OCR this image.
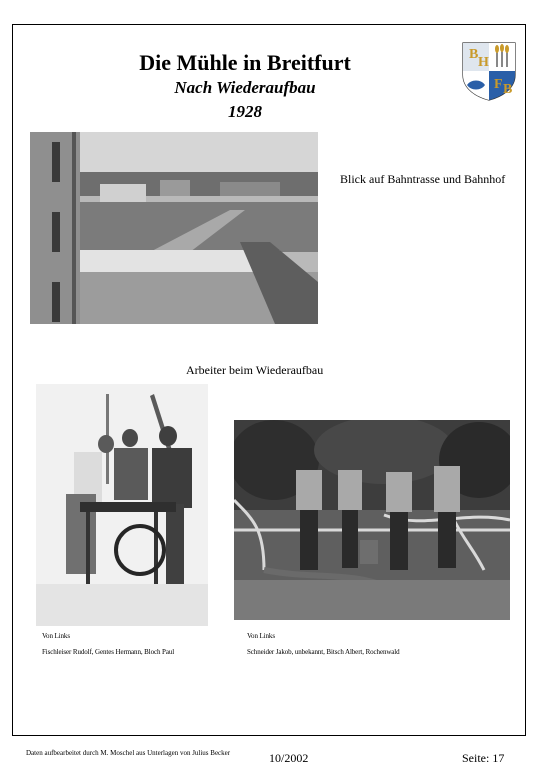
Die Mühle in Breitfurt
Nach Wiederaufbau
1928
B
H
F B
Blick auf Bahntrasse und Bahnhof
Arbeiter beim Wiederaufbau
Von Links
Fischleiser Rudolf, Gentes Hermann, Bloch Paul
Von Links
Schneider Jakob, unbekannt, Bitsch Albert, Rochenwald
Daten aufbearbeitet durch M. Moschel aus Unterlagen von Julius Becker	10/2002	Seite: 17
